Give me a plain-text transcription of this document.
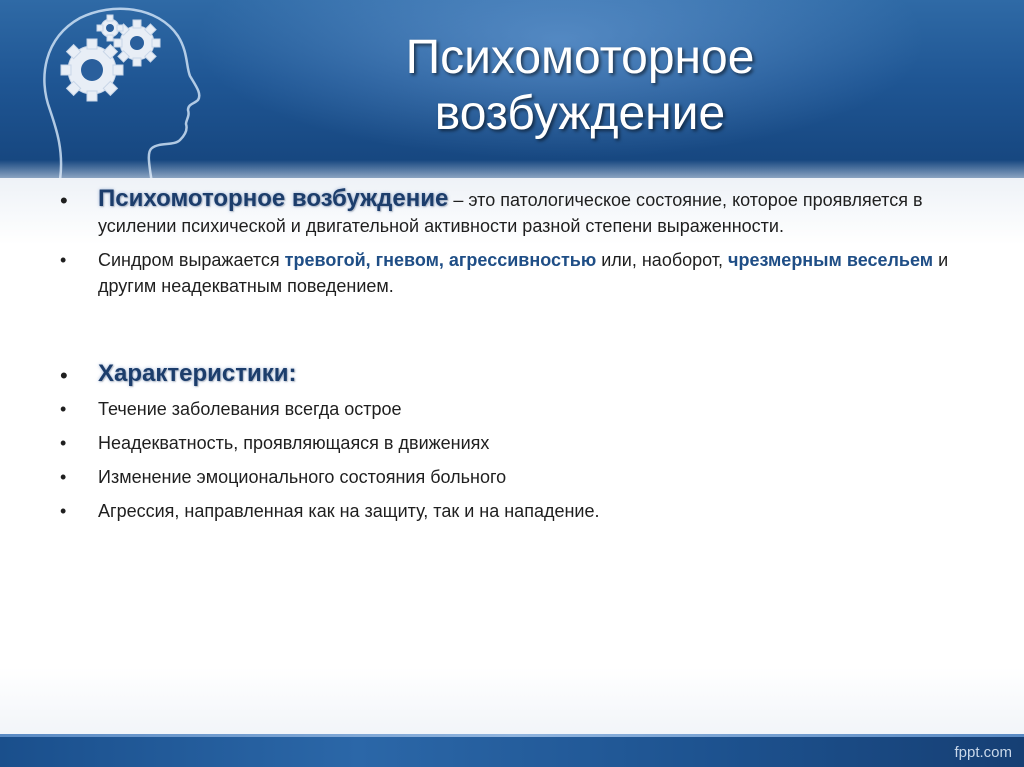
Психомоторное
возбуждение
•	Психомоторное возбуждение – это патологическое состояние, которое проявляется в усилении психической и двигательной активности разной степени выраженности.
•	Синдром выражается тревогой, гневом, агрессивностью или, наоборот, чрезмерным весельем и другим неадекватным поведением.
•	Характеристики:
•	Течение заболевания всегда острое
•	Неадекватность, проявляющаяся в движениях
•	Изменение эмоционального состояния больного
•	Агрессия, направленная как на защиту, так и на нападение.
fppt.com
